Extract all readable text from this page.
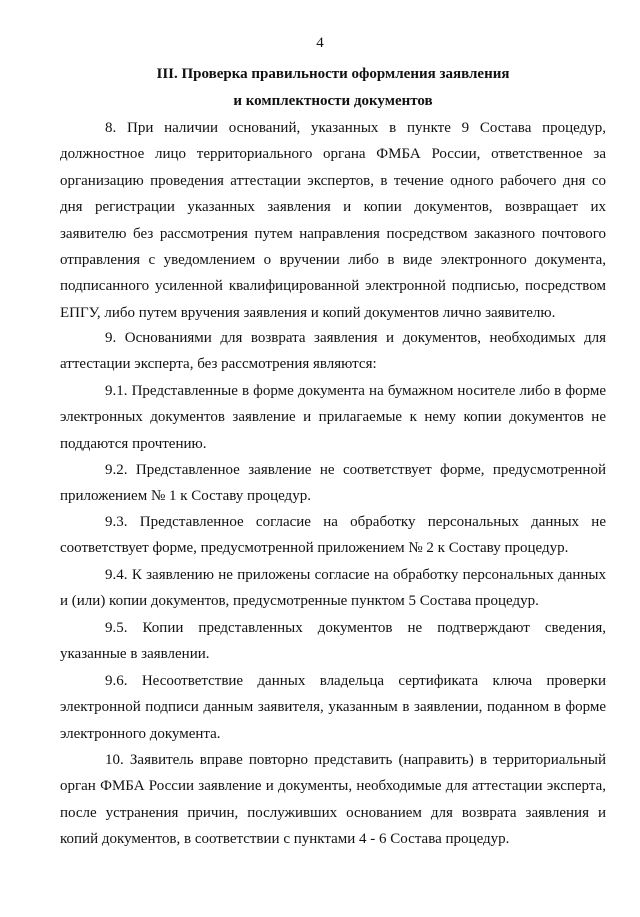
4
III. Проверка правильности оформления заявления
и комплектности документов

8. При наличии оснований, указанных в пункте 9 Состава процедур, должностное лицо территориального органа ФМБА России, ответственное за организацию проведения аттестации экспертов, в течение одного рабочего дня со дня регистрации указанных заявления и копии документов, возвращает их заявителю без рассмотрения путем направления посредством заказного почтового отправления с уведомлением о вручении либо в виде электронного документа, подписанного усиленной квалифицированной электронной подписью, посредством ЕПГУ, либо путем вручения заявления и копий документов лично заявителю.

9. Основаниями для возврата заявления и документов, необходимых для аттестации эксперта, без рассмотрения являются:

9.1. Представленные в форме документа на бумажном носителе либо в форме электронных документов заявление и прилагаемые к нему копии документов не поддаются прочтению.

9.2. Представленное заявление не соответствует форме, предусмотренной приложением № 1 к Составу процедур.

9.3. Представленное согласие на обработку персональных данных не соответствует форме, предусмотренной приложением № 2 к Составу процедур.

9.4. К заявлению не приложены согласие на обработку персональных данных и (или) копии документов, предусмотренные пунктом 5 Состава процедур.

9.5. Копии представленных документов не подтверждают сведения, указанные в заявлении.

9.6. Несоответствие данных владельца сертификата ключа проверки электронной подписи данным заявителя, указанным в заявлении, поданном в форме электронного документа.

10. Заявитель вправе повторно представить (направить) в территориальный орган ФМБА России заявление и документы, необходимые для аттестации эксперта, после устранения причин, послуживших основанием для возврата заявления и копий документов, в соответствии с пунктами 4 - 6 Состава процедур.
